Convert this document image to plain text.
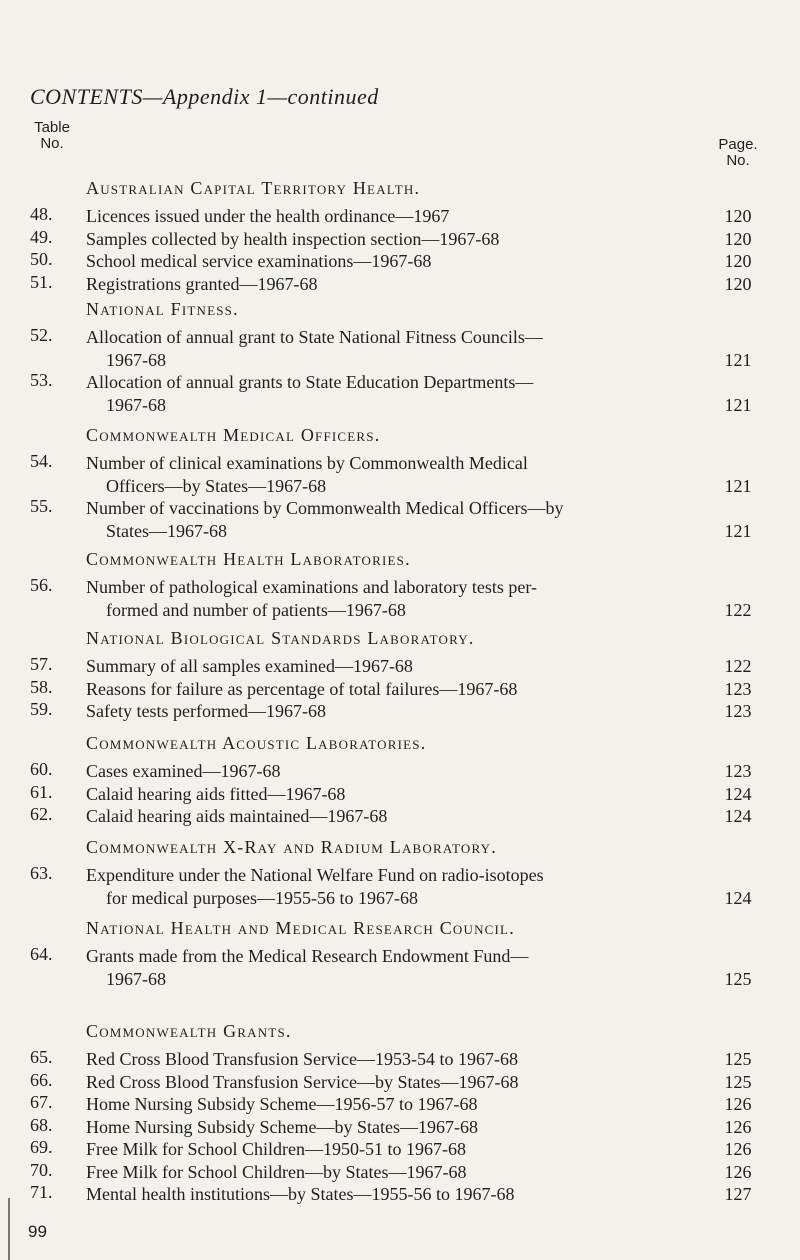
CONTENTS—Appendix 1—continued
Table
No.	Page.
No.
Australian Capital Territory Health.
48.	Licences issued under the health ordinance—1967	120
49.	Samples collected by health inspection section—1967-68	120
50.	School medical service examinations—1967-68	120
51.	Registrations granted—1967-68	120
National Fitness.
52.	Allocation of annual grant to State National Fitness Councils—
1967-68	121
53.	Allocation of annual grants to State Education Departments—
1967-68	121
Commonwealth Medical Officers.
54.	Number of clinical examinations by Commonwealth Medical
Officers—by States—1967-68	121
55.	Number of vaccinations by Commonwealth Medical Officers—by
States—1967-68	121
Commonwealth Health Laboratories.
56.	Number of pathological examinations and laboratory tests per-
formed and number of patients—1967-68	122
National Biological Standards Laboratory.
57.	Summary of all samples examined—1967-68	122
58.	Reasons for failure as percentage of total failures—1967-68	123
59.	Safety tests performed—1967-68	123
Commonwealth Acoustic Laboratories.
60.	Cases examined—1967-68	123
61.	Calaid hearing aids fitted—1967-68	124
62.	Calaid hearing aids maintained—1967-68	124
Commonwealth X-Ray and Radium Laboratory.
63.	Expenditure under the National Welfare Fund on radio-isotopes
for medical purposes—1955-56 to 1967-68	124
National Health and Medical Research Council.
64.	Grants made from the Medical Research Endowment Fund—
1967-68	125
Commonwealth Grants.
65.	Red Cross Blood Transfusion Service—1953-54 to 1967-68	125
66.	Red Cross Blood Transfusion Service—by States—1967-68	125
67.	Home Nursing Subsidy Scheme—1956-57 to 1967-68	126
68.	Home Nursing Subsidy Scheme—by States—1967-68	126
69.	Free Milk for School Children—1950-51 to 1967-68	126
70.	Free Milk for School Children—by States—1967-68	126
71.	Mental health institutions—by States—1955-56 to 1967-68	127
99
